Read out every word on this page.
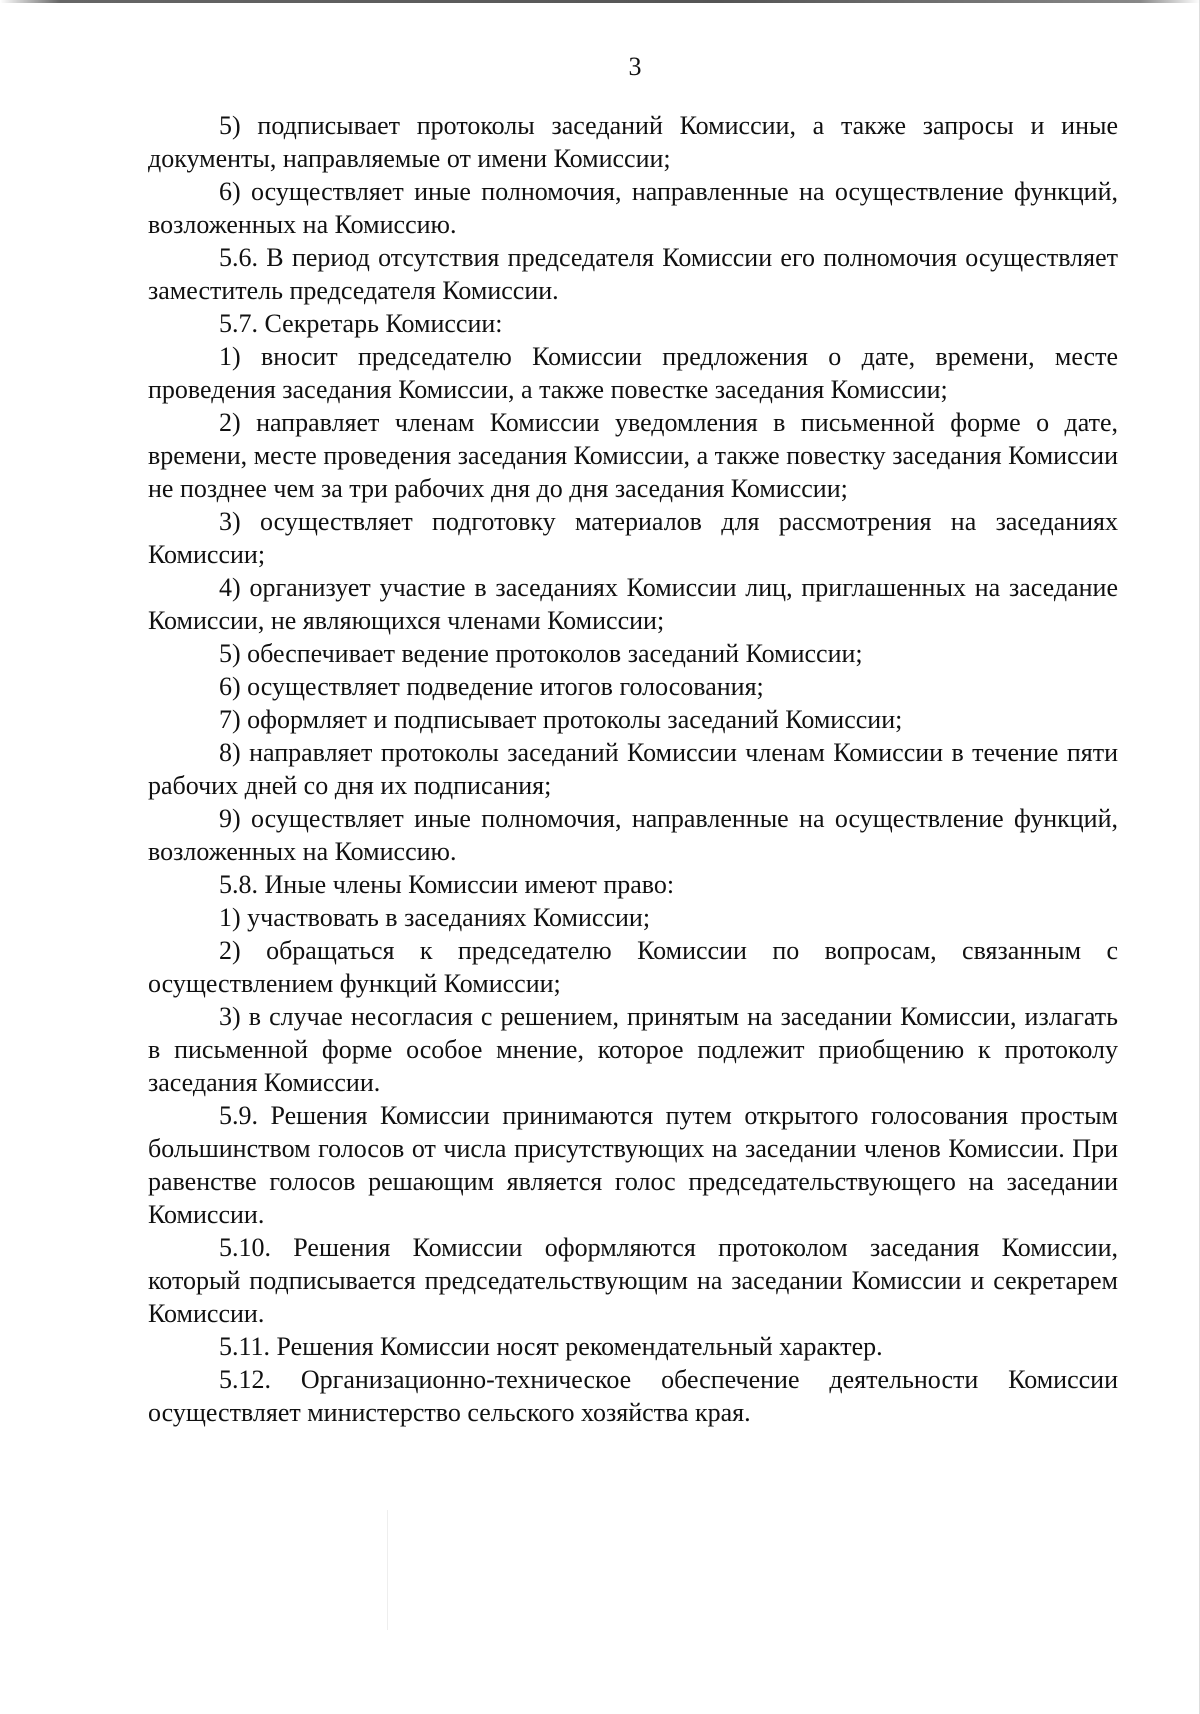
3

5) подписывает протоколы заседаний Комиссии, а также запросы и иные документы, направляемые от имени Комиссии;

6) осуществляет иные полномочия, направленные на осуществление функций, возложенных на Комиссию.

5.6. В период отсутствия председателя Комиссии его полномочия осуществляет заместитель председателя Комиссии.

5.7. Секретарь Комиссии:

1) вносит председателю Комиссии предложения о дате, времени, месте проведения заседания Комиссии, а также повестке заседания Комиссии;

2) направляет членам Комиссии уведомления в письменной форме о дате, времени, месте проведения заседания Комиссии, а также повестку заседания Комиссии не позднее чем за три рабочих дня до дня заседания Комиссии;

3) осуществляет подготовку материалов для рассмотрения на заседаниях Комиссии;

4) организует участие в заседаниях Комиссии лиц, приглашенных на заседание Комиссии, не являющихся членами Комиссии;

5) обеспечивает ведение протоколов заседаний Комиссии;

6) осуществляет подведение итогов голосования;

7) оформляет и подписывает протоколы заседаний Комиссии;

8) направляет протоколы заседаний Комиссии членам Комиссии в течение пяти рабочих дней со дня их подписания;

9) осуществляет иные полномочия, направленные на осуществление функций, возложенных на Комиссию.

5.8. Иные члены Комиссии имеют право:

1) участвовать в заседаниях Комиссии;

2) обращаться к председателю Комиссии по вопросам, связанным с осуществлением функций Комиссии;

3) в случае несогласия с решением, принятым на заседании Комиссии, излагать в письменной форме особое мнение, которое подлежит приобщению к протоколу заседания Комиссии.

5.9. Решения Комиссии принимаются путем открытого голосования простым большинством голосов от числа присутствующих на заседании членов Комиссии. При равенстве голосов решающим является голос председательствующего на заседании Комиссии.

5.10. Решения Комиссии оформляются протоколом заседания Комиссии, который подписывается председательствующим на заседании Комиссии и секретарем Комиссии.

5.11. Решения Комиссии носят рекомендательный характер.

5.12. Организационно-техническое обеспечение деятельности Комиссии осуществляет министерство сельского хозяйства края.
